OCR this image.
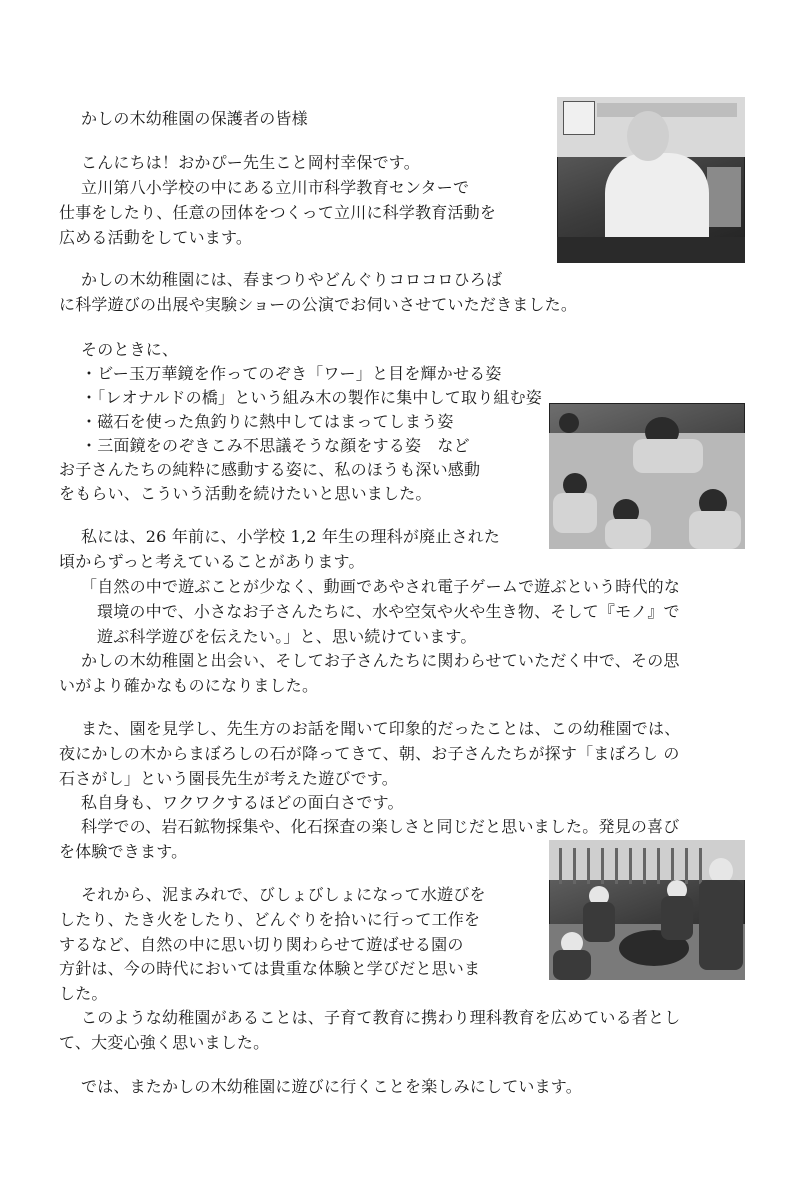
かしの木幼稚園の保護者の皆様
こんにちは！おかぴー先生こと岡村幸保です。
立川第八小学校の中にある立川市科学教育センターで
仕事をしたり、任意の団体をつくって立川に科学教育活動を
広める活動をしています。
かしの木幼稚園には、春まつりやどんぐりコロコロひろば
に科学遊びの出展や実験ショーの公演でお伺いさせていただきました。
そのときに、
・ビー玉万華鏡を作ってのぞき「ワー」と目を輝かせる姿
・「レオナルドの橋」という組み木の製作に集中して取り組む姿
・磁石を使った魚釣りに熱中してはまってしまう姿
・三面鏡をのぞきこみ不思議そうな顔をする姿　など
お子さんたちの純粋に感動する姿に、私のほうも深い感動
をもらい、こういう活動を続けたいと思いました。
私には、26 年前に、小学校 1,2 年生の理科が廃止された
頃からずっと考えていることがあります。
「自然の中で遊ぶことが少なく、動画であやされ電子ゲームで遊ぶという時代的な
環境の中で、小さなお子さんたちに、水や空気や火や生き物、そして『モノ』で
遊ぶ科学遊びを伝えたい。」と、思い続けています。
かしの木幼稚園と出会い、そしてお子さんたちに関わらせていただく中で、その思
いがより確かなものになりました。
また、園を見学し、先生方のお話を聞いて印象的だったことは、この幼稚園では、
夜にかしの木からまぼろしの石が降ってきて、朝、お子さんたちが探す「まぼろし の
石さがし」という園長先生が考えた遊びです。
私自身も、ワクワクするほどの面白さです。
科学での、岩石鉱物採集や、化石探査の楽しさと同じだと思いました。発見の喜び
を体験できます。
それから、泥まみれで、びしょびしょになって水遊びを
したり、たき火をしたり、どんぐりを拾いに行って工作を
するなど、自然の中に思い切り関わらせて遊ばせる園の
方針は、今の時代においては貴重な体験と学びだと思いま
した。
このような幼稚園があることは、子育て教育に携わり理科教育を広めている者とし
て、大変心強く思いました。
では、またかしの木幼稚園に遊びに行くことを楽しみにしています。
